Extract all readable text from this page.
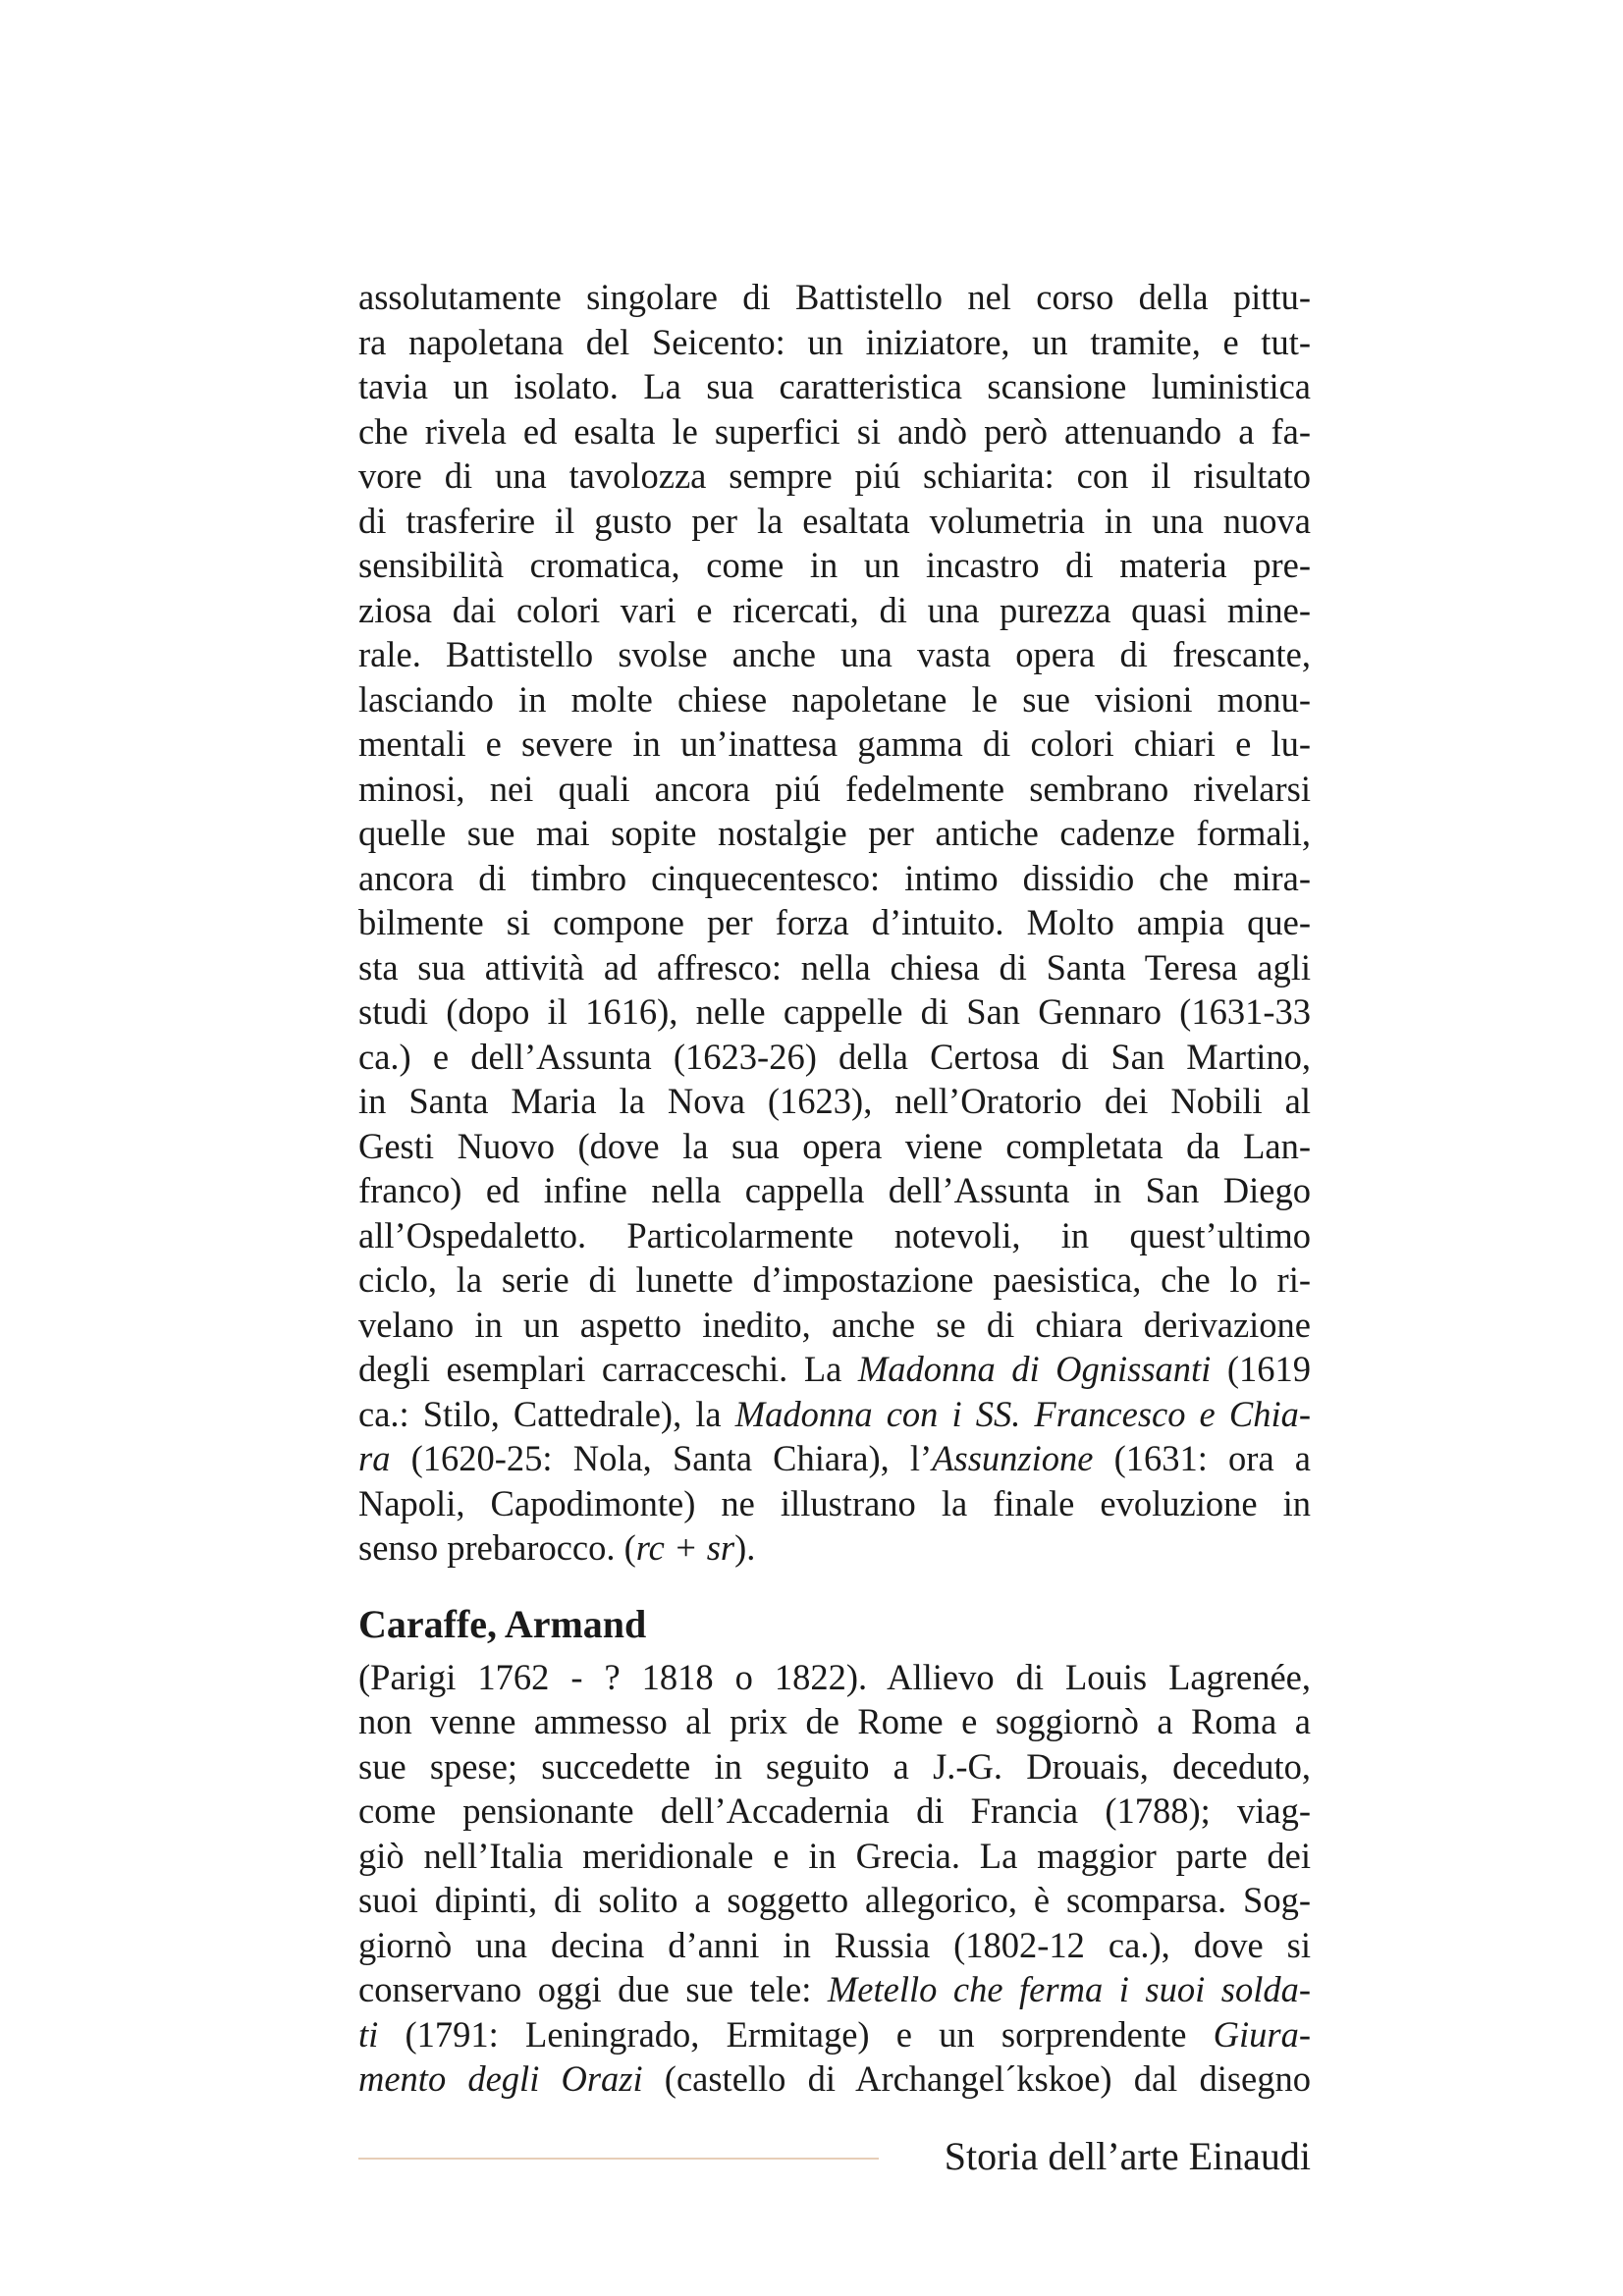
assolutamente singolare di Battistello nel corso della pittu-
ra napoletana del Seicento: un iniziatore, un tramite, e tut-
tavia un isolato. La sua caratteristica scansione luministica
che rivela ed esalta le superfici si andò però attenuando a fa-
vore di una tavolozza sempre piú schiarita: con il risultato
di trasferire il gusto per la esaltata volumetria in una nuova
sensibilità cromatica, come in un incastro di materia pre-
ziosa dai colori vari e ricercati, di una purezza quasi mine-
rale. Battistello svolse anche una vasta opera di frescante,
lasciando in molte chiese napoletane le sue visioni monu-
mentali e severe in un’inattesa gamma di colori chiari e lu-
minosi, nei quali ancora piú fedelmente sembrano rivelarsi
quelle sue mai sopite nostalgie per antiche cadenze formali,
ancora di timbro cinquecentesco: intimo dissidio che mira-
bilmente si compone per forza d’intuito. Molto ampia que-
sta sua attività ad affresco: nella chiesa di Santa Teresa agli
studi (dopo il 1616), nelle cappelle di San Gennaro (1631-33
ca.) e dell’Assunta (1623-26) della Certosa di San Martino,
in Santa Maria la Nova (1623), nell’Oratorio dei Nobili al
Gesti Nuovo (dove la sua opera viene completata da Lan-
franco) ed infine nella cappella dell’Assunta in San Diego
all’Ospedaletto. Particolarmente notevoli, in quest’ultimo
ciclo, la serie di lunette d’impostazione paesistica, che lo ri-
velano in un aspetto inedito, anche se di chiara derivazione
degli esemplari carracceschi. La Madonna di Ognissanti (1619
ca.: Stilo, Cattedrale), la Madonna con i SS. Francesco e Chia-
ra (1620-25: Nola, Santa Chiara), l’Assunzione (1631: ora a
Napoli, Capodimonte) ne illustrano la finale evoluzione in
senso prebarocco. (rc + sr).
Caraffe, Armand
(Parigi 1762 - ? 1818 o 1822). Allievo di Louis Lagrenée,
non venne ammesso al prix de Rome e soggiornò a Roma a
sue spese; succedette in seguito a J.-G. Drouais, deceduto,
come pensionante dell’Accadernia di Francia (1788); viag-
giò nell’Italia meridionale e in Grecia. La maggior parte dei
suoi dipinti, di solito a soggetto allegorico, è scomparsa. Sog-
giornò una decina d’anni in Russia (1802-12 ca.), dove si
conservano oggi due sue tele: Metello che ferma i suoi solda-
ti (1791: Leningrado, Ermitage) e un sorprendente Giura-
mento degli Orazi (castello di Archangel´kskoe) dal disegno
Storia dell’arte Einaudi
